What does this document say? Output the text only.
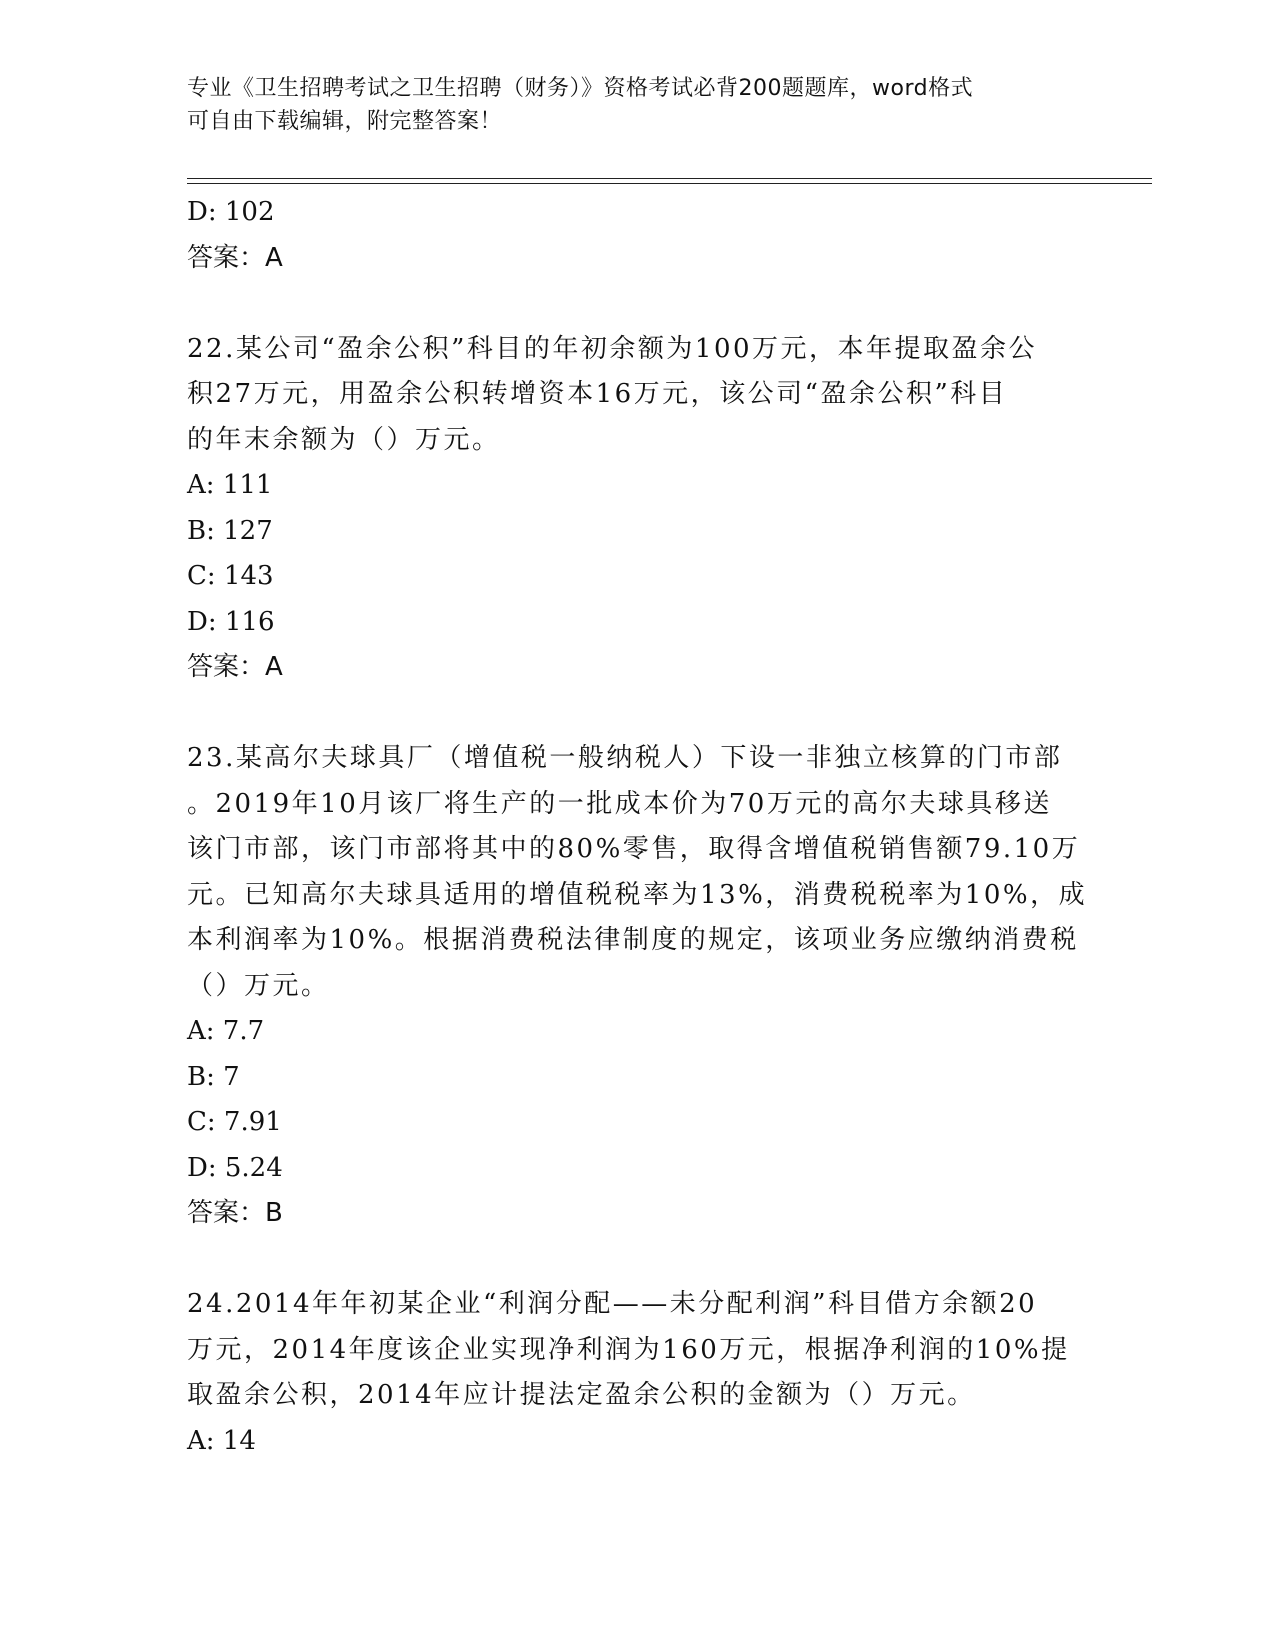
专业《卫生招聘考试之卫生招聘（财务）》资格考试必背200题题库，word格式
可自由下载编辑，附完整答案！
D: 102
答案：A
22.某公司“盈余公积”科目的年初余额为100万元，本年提取盈余公
积27万元，用盈余公积转增资本16万元，该公司“盈余公积”科目
的年末余额为（）万元。
A: 111
B: 127
C: 143
D: 116
答案：A
23.某高尔夫球具厂（增值税一般纳税人）下设一非独立核算的门市部
。2019年10月该厂将生产的一批成本价为70万元的高尔夫球具移送
该门市部，该门市部将其中的80%零售，取得含增值税销售额79.10万
元。已知高尔夫球具适用的增值税税率为13%，消费税税率为10%，成
本利润率为10%。根据消费税法律制度的规定，该项业务应缴纳消费税
（）万元。
A: 7.7
B: 7
C: 7.91
D: 5.24
答案：B
24.2014年年初某企业“利润分配——未分配利润”科目借方余额20
万元，2014年度该企业实现净利润为160万元，根据净利润的10%提
取盈余公积，2014年应计提法定盈余公积的金额为（）万元。
A: 14
